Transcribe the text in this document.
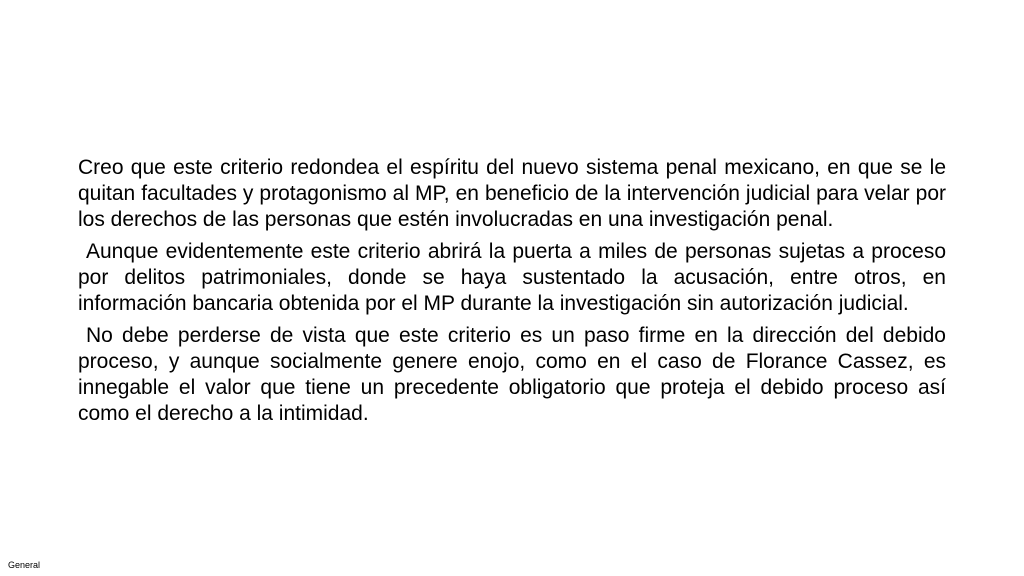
Creo que este criterio redondea el espíritu del nuevo sistema penal mexicano, en que se le quitan facultades y protagonismo al MP, en beneficio de la intervención judicial para velar por los derechos de las personas que estén involucradas en una investigación penal.

Aunque evidentemente este criterio abrirá la puerta a miles de personas sujetas a proceso por delitos patrimoniales, donde se haya sustentado la acusación, entre otros, en información bancaria obtenida por el MP durante la investigación sin autorización judicial.

No debe perderse de vista que este criterio es un paso firme en la dirección del debido proceso, y aunque socialmente genere enojo, como en el caso de Florance Cassez, es innegable el valor que tiene un precedente obligatorio que proteja el debido proceso así como el derecho a la intimidad.

General
